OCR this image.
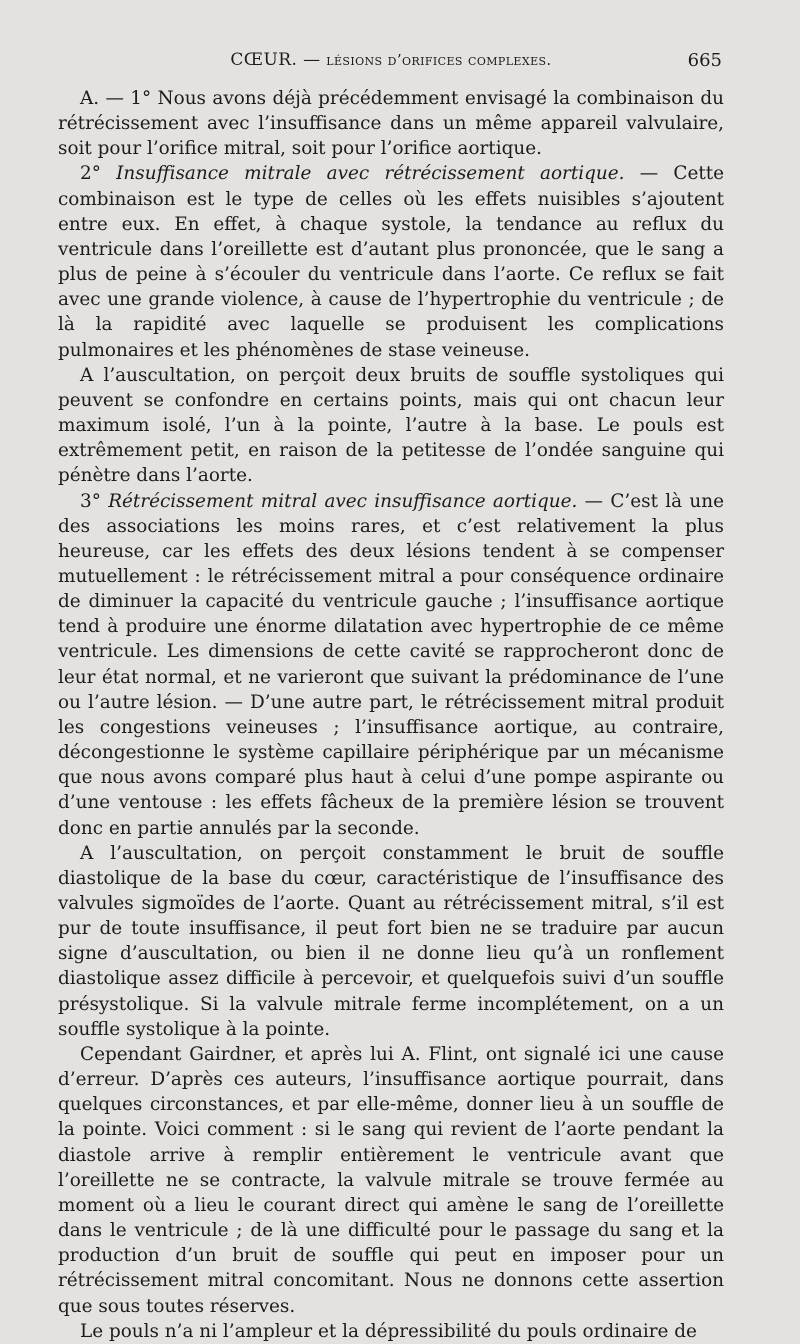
CŒUR. — lésions d’orifices complexes.	665

A. — 1° Nous avons déjà précédemment envisagé la combinaison du rétrécissement avec l’insuffisance dans un même appareil valvulaire, soit pour l’orifice mitral, soit pour l’orifice aortique.

2° Insuffisance mitrale avec rétrécissement aortique. — Cette combinaison est le type de celles où les effets nuisibles s’ajoutent entre eux. En effet, à chaque systole, la tendance au reflux du ventricule dans l’oreillette est d’autant plus prononcée, que le sang a plus de peine à s’écouler du ventricule dans l’aorte. Ce reflux se fait avec une grande violence, à cause de l’hypertrophie du ventricule ; de là la rapidité avec laquelle se produisent les complications pulmonaires et les phénomènes de stase veineuse.

A l’auscultation, on perçoit deux bruits de souffle systoliques qui peuvent se confondre en certains points, mais qui ont chacun leur maximum isolé, l’un à la pointe, l’autre à la base. Le pouls est extrêmement petit, en raison de la petitesse de l’ondée sanguine qui pénètre dans l’aorte.

3° Rétrécissement mitral avec insuffisance aortique. — C’est là une des associations les moins rares, et c’est relativement la plus heureuse, car les effets des deux lésions tendent à se compenser mutuellement : le rétrécissement mitral a pour conséquence ordinaire de diminuer la capacité du ventricule gauche ; l’insuffisance aortique tend à produire une énorme dilatation avec hypertrophie de ce même ventricule. Les dimensions de cette cavité se rapprocheront donc de leur état normal, et ne varieront que suivant la prédominance de l’une ou l’autre lésion. — D’une autre part, le rétrécissement mitral produit les congestions veineuses ; l’insuffisance aortique, au contraire, décongestionne le système capillaire périphérique par un mécanisme que nous avons comparé plus haut à celui d’une pompe aspirante ou d’une ventouse : les effets fâcheux de la première lésion se trouvent donc en partie annulés par la seconde.

A l’auscultation, on perçoit constamment le bruit de souffle diastolique de la base du cœur, caractéristique de l’insuffisance des valvules sigmoïdes de l’aorte. Quant au rétrécissement mitral, s’il est pur de toute insuffisance, il peut fort bien ne se traduire par aucun signe d’auscultation, ou bien il ne donne lieu qu’à un ronflement diastolique assez difficile à percevoir, et quelquefois suivi d’un souffle présystolique. Si la valvule mitrale ferme incomplétement, on a un souffle systolique à la pointe.

Cependant Gairdner, et après lui A. Flint, ont signalé ici une cause d’erreur. D’après ces auteurs, l’insuffisance aortique pourrait, dans quelques circonstances, et par elle-même, donner lieu à un souffle de la pointe. Voici comment : si le sang qui revient de l’aorte pendant la diastole arrive à remplir entièrement le ventricule avant que l’oreillette ne se contracte, la valvule mitrale se trouve fermée au moment où a lieu le courant direct qui amène le sang de l’oreillette dans le ventricule ; de là une difficulté pour le passage du sang et la production d’un bruit de souffle qui peut en imposer pour un rétrécissement mitral concomitant. Nous ne donnons cette assertion que sous toutes réserves.

Le pouls n’a ni l’ampleur et la dépressibilité du pouls ordinaire de
